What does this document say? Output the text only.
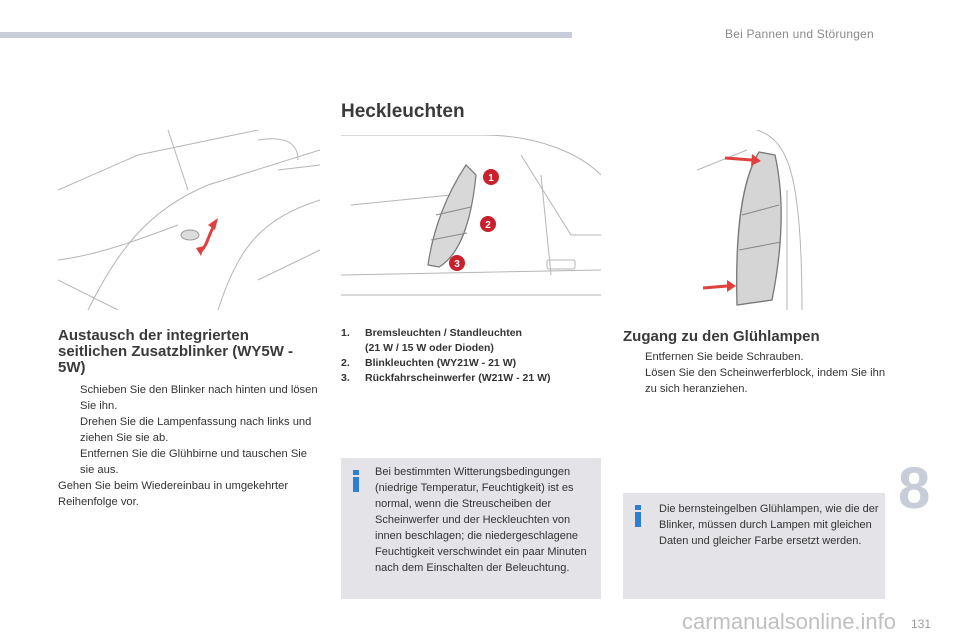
Bei Pannen und Störungen
Heckleuchten
1
2
3
Austausch der integrierten seitlichen Zusatzblinker (WY5W - 5W)
Schieben Sie den Blinker nach hinten und lösen Sie ihn.
Drehen Sie die Lampenfassung nach links und ziehen Sie sie ab.
Entfernen Sie die Glühbirne und tauschen Sie sie aus.
Gehen Sie beim Wiedereinbau in umgekehrter Reihenfolge vor.
1. Bremsleuchten / Standleuchten
(21 W / 15 W oder Dioden)
2. Blinkleuchten (WY21W - 21 W)
3. Rückfahrscheinwerfer (W21W - 21 W)
Bei bestimmten Witterungsbedingungen (niedrige Temperatur, Feuchtigkeit) ist es normal, wenn die Streuscheiben der Scheinwerfer und der Heckleuchten von innen beschlagen; die niedergeschlagene Feuchtigkeit verschwindet ein paar Minuten nach dem Einschalten der Beleuchtung.
Zugang zu den Glühlampen
Entfernen Sie beide Schrauben.
Lösen Sie den Scheinwerferblock, indem Sie ihn zu sich heranziehen.
Die bernsteingelben Glühlampen, wie die der Blinker, müssen durch Lampen mit gleichen Daten und gleicher Farbe ersetzt werden.
8
carmanualsonline.info 131
